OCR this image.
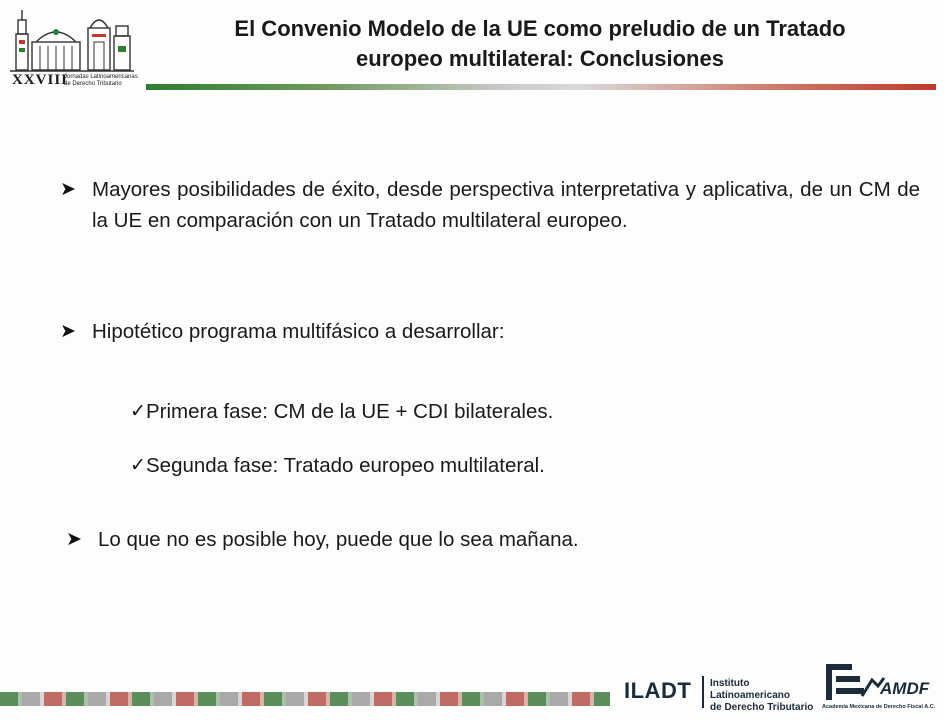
XXVIII
Jornadas Latinoamericanas
de Derecho Tributario
El Convenio Modelo de la UE como preludio de un Tratado
europeo multilateral: Conclusiones
➤ Mayores posibilidades de éxito, desde perspectiva interpretativa y aplicativa, de un CM de la UE en comparación con un Tratado multilateral europeo.
➤ Hipotético programa multifásico a desarrollar:
✓ Primera fase: CM de la UE + CDI bilaterales.
✓ Segunda fase: Tratado europeo multilateral.
➤ Lo que no es posible hoy, puede que lo sea mañana.
ILADT Instituto Latinoamericano
de Derecho Tributario
AMDF
Academia Mexicana de Derecho Fiscal A.C.
